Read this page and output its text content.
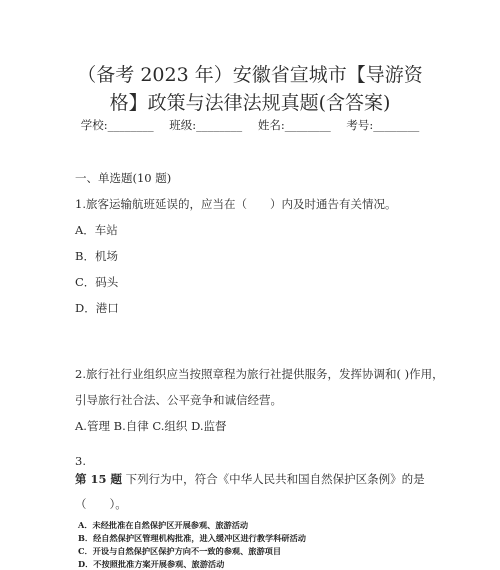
（备考 2023 年）安徽省宣城市【导游资
格】政策与法律法规真题(含答案)
学校:________ 班级:________ 姓名:________ 考号:________
一、单选题(10 题)
1.旅客运输航班延误的，应当在（　　）内及时通告有关情况。
A．车站
B．机场
C．码头
D．港口
2.旅行社行业组织应当按照章程为旅行社提供服务，发挥协调和( )作用，
引导旅行社合法、公平竞争和诚信经营。
A.管理 B.自律 C.组织 D.监督
3.
第 15 题 下列行为中，符合《中华人民共和国自然保护区条例》的是
（　　）。
A．未经批准在自然保护区开展参观、旅游活动
B．经自然保护区管理机构批准，进入缓冲区进行教学科研活动
C．开设与自然保护区保护方向不一致的参观、旅游项目
D．不按照批准方案开展参观、旅游活动
